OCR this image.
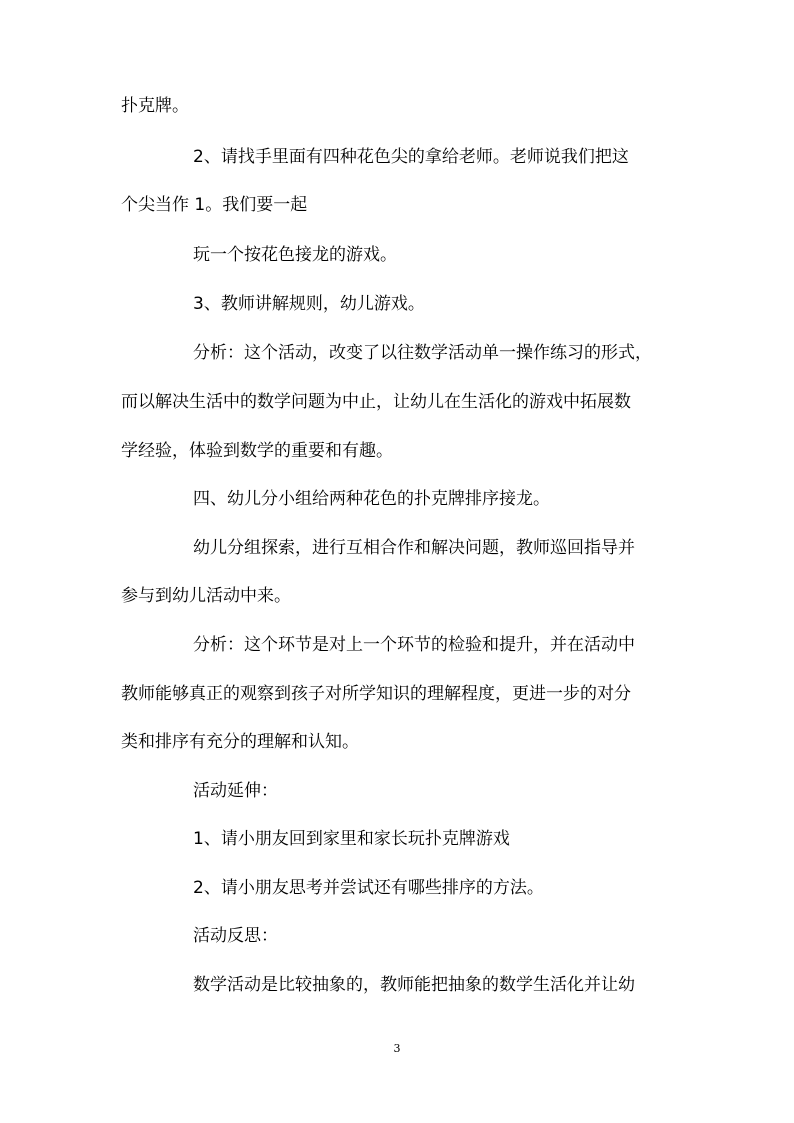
扑克牌。
2、请找手里面有四种花色尖的拿给老师。老师说我们把这
个尖当作 1。我们要一起
玩一个按花色接龙的游戏。
3、教师讲解规则，幼儿游戏。
分析：这个活动，改变了以往数学活动单一操作练习的形式，
而以解决生活中的数学问题为中止，让幼儿在生活化的游戏中拓展数
学经验，体验到数学的重要和有趣。
四、幼儿分小组给两种花色的扑克牌排序接龙。
幼儿分组探索，进行互相合作和解决问题，教师巡回指导并
参与到幼儿活动中来。
分析：这个环节是对上一个环节的检验和提升，并在活动中
教师能够真正的观察到孩子对所学知识的理解程度，更进一步的对分
类和排序有充分的理解和认知。
活动延伸：
1、请小朋友回到家里和家长玩扑克牌游戏
2、请小朋友思考并尝试还有哪些排序的方法。
活动反思：
数学活动是比较抽象的，教师能把抽象的数学生活化并让幼
3
